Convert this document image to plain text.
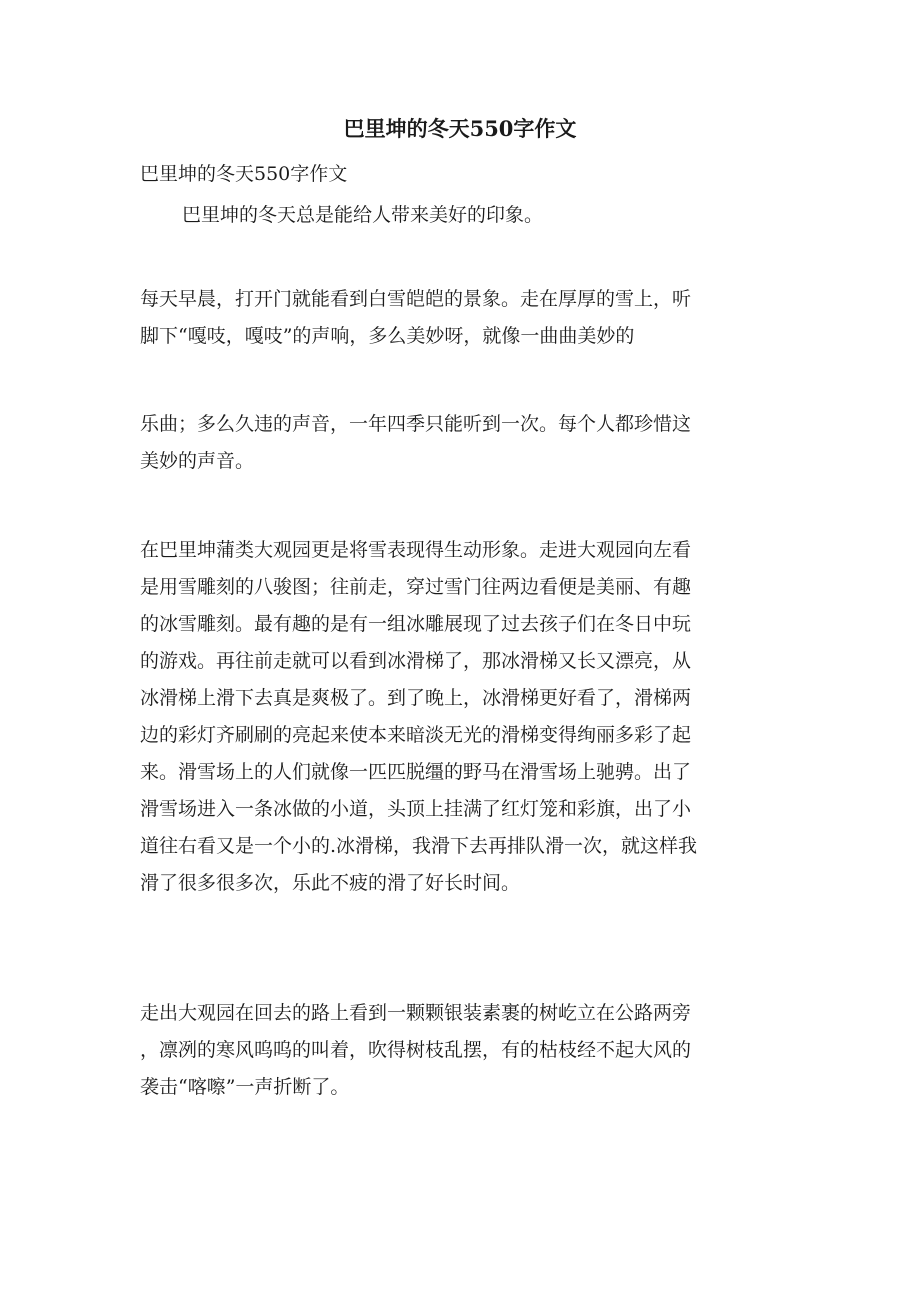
巴里坤的冬天550字作文
巴里坤的冬天550字作文

巴里坤的冬天总是能给人带来美好的印象。

每天早晨，打开门就能看到白雪皑皑的景象。走在厚厚的雪上，听
脚下“嘎吱，嘎吱”的声响，多么美妙呀，就像一曲曲美妙的

乐曲；多么久违的声音，一年四季只能听到一次。每个人都珍惜这
美妙的声音。

在巴里坤蒲类大观园更是将雪表现得生动形象。走进大观园向左看
是用雪雕刻的八骏图；往前走，穿过雪门往两边看便是美丽、有趣
的冰雪雕刻。最有趣的是有一组冰雕展现了过去孩子们在冬日中玩
的游戏。再往前走就可以看到冰滑梯了，那冰滑梯又长又漂亮，从
冰滑梯上滑下去真是爽极了。到了晚上，冰滑梯更好看了，滑梯两
边的彩灯齐刷刷的亮起来使本来暗淡无光的滑梯变得绚丽多彩了起
来。滑雪场上的人们就像一匹匹脱缰的野马在滑雪场上驰骋。出了
滑雪场进入一条冰做的小道，头顶上挂满了红灯笼和彩旗，出了小
道往右看又是一个小的.冰滑梯，我滑下去再排队滑一次，就这样我
滑了很多很多次，乐此不疲的滑了好长时间。

走出大观园在回去的路上看到一颗颗银装素裹的树屹立在公路两旁
，凛冽的寒风呜呜的叫着，吹得树枝乱摆，有的枯枝经不起大风的
袭击“喀嚓”一声折断了。
